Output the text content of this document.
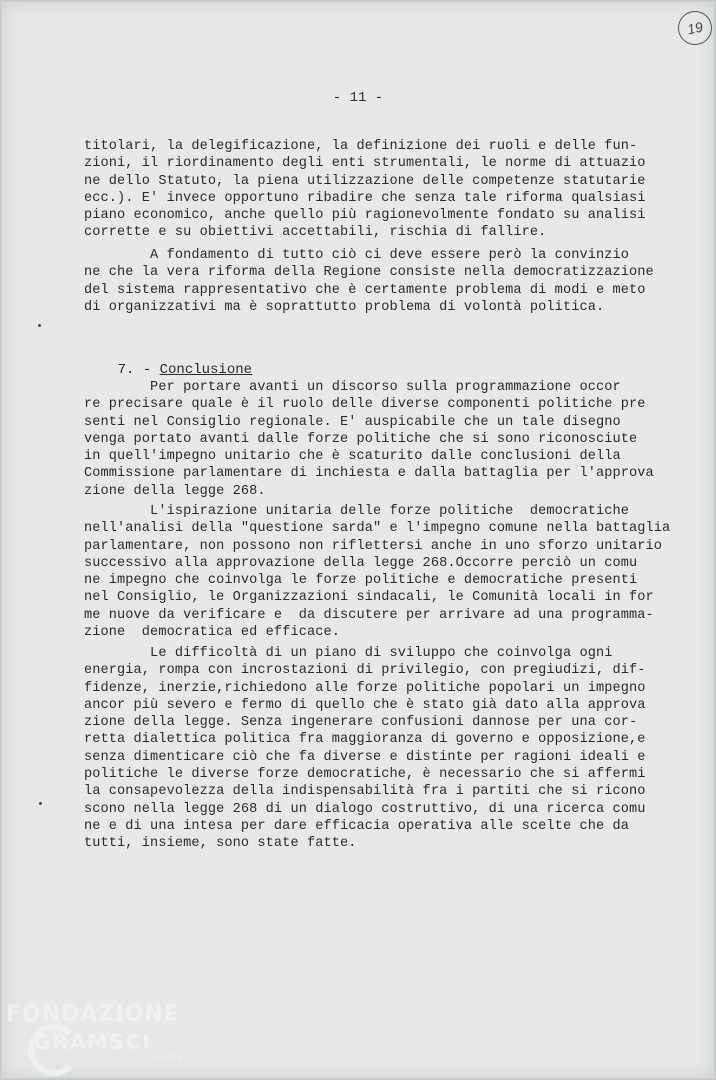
19
- 11 -
titolari, la delegificazione, la definizione dei ruoli e delle fun-
zioni, il riordinamento degli enti strumentali, le norme di attuazio
ne dello Statuto, la piena utilizzazione delle competenze statutarie
ecc.). E' invece opportuno ribadire che senza tale riforma qualsiasi
piano economico, anche quello più ragionevolmente fondato su analisi
corrette e su obiettivi accettabili, rischia di fallire.
A fondamento di tutto ciò ci deve essere però la convinzio
ne che la vera riforma della Regione consiste nella democratizzazione
del sistema rappresentativo che è certamente problema di modi e meto
di organizzativi ma è soprattutto problema di volontà politica.

7. - Conclusione

Per portare avanti un discorso sulla programmazione occor
re precisare quale è il ruolo delle diverse componenti politiche pre
senti nel Consiglio regionale. E' auspicabile che un tale disegno
venga portato avanti dalle forze politiche che si sono riconosciute
in quell'impegno unitario che è scaturito dalle conclusioni della
Commissione parlamentare di inchiesta e dalla battaglia per l'approva
zione della legge 268.
L'ispirazione unitaria delle forze politiche  democratiche
nell'analisi della "questione sarda" e l'impegno comune nella battaglia
parlamentare, non possono non riflettersi anche in uno sforzo unitario
successivo alla approvazione della legge 268.Occorre perciò un comu
ne impegno che coinvolga le forze politiche e democratiche presenti
nel Consiglio, le Organizzazioni sindacali, le Comunità locali in for
me nuove da verificare e  da discutere per arrivare ad una programma-
zione  democratica ed efficace.
Le difficoltà di un piano di sviluppo che coinvolga ogni
energia, rompa con incrostazioni di privilegio, con pregiudizi, dif-
fidenze, inerzie,richiedono alle forze politiche popolari un impegno
ancor più severo e fermo di quello che è stato già dato alla approva
zione della legge. Senza ingenerare confusioni dannose per una cor-
retta dialettica politica fra maggioranza di governo e opposizione,e
senza dimenticare ciò che fa diverse e distinte per ragioni ideali e
politiche le diverse forze democratiche, è necessario che si affermi
la consapevolezza della indispensabilità fra i partiti che si ricono
scono nella legge 268 di un dialogo costruttivo, di una ricerca comu
ne e di una intesa per dare efficacia operativa alle scelte che da
tutti, insieme, sono state fatte.
FONDAZIONE
GRAMSCI
onlus
